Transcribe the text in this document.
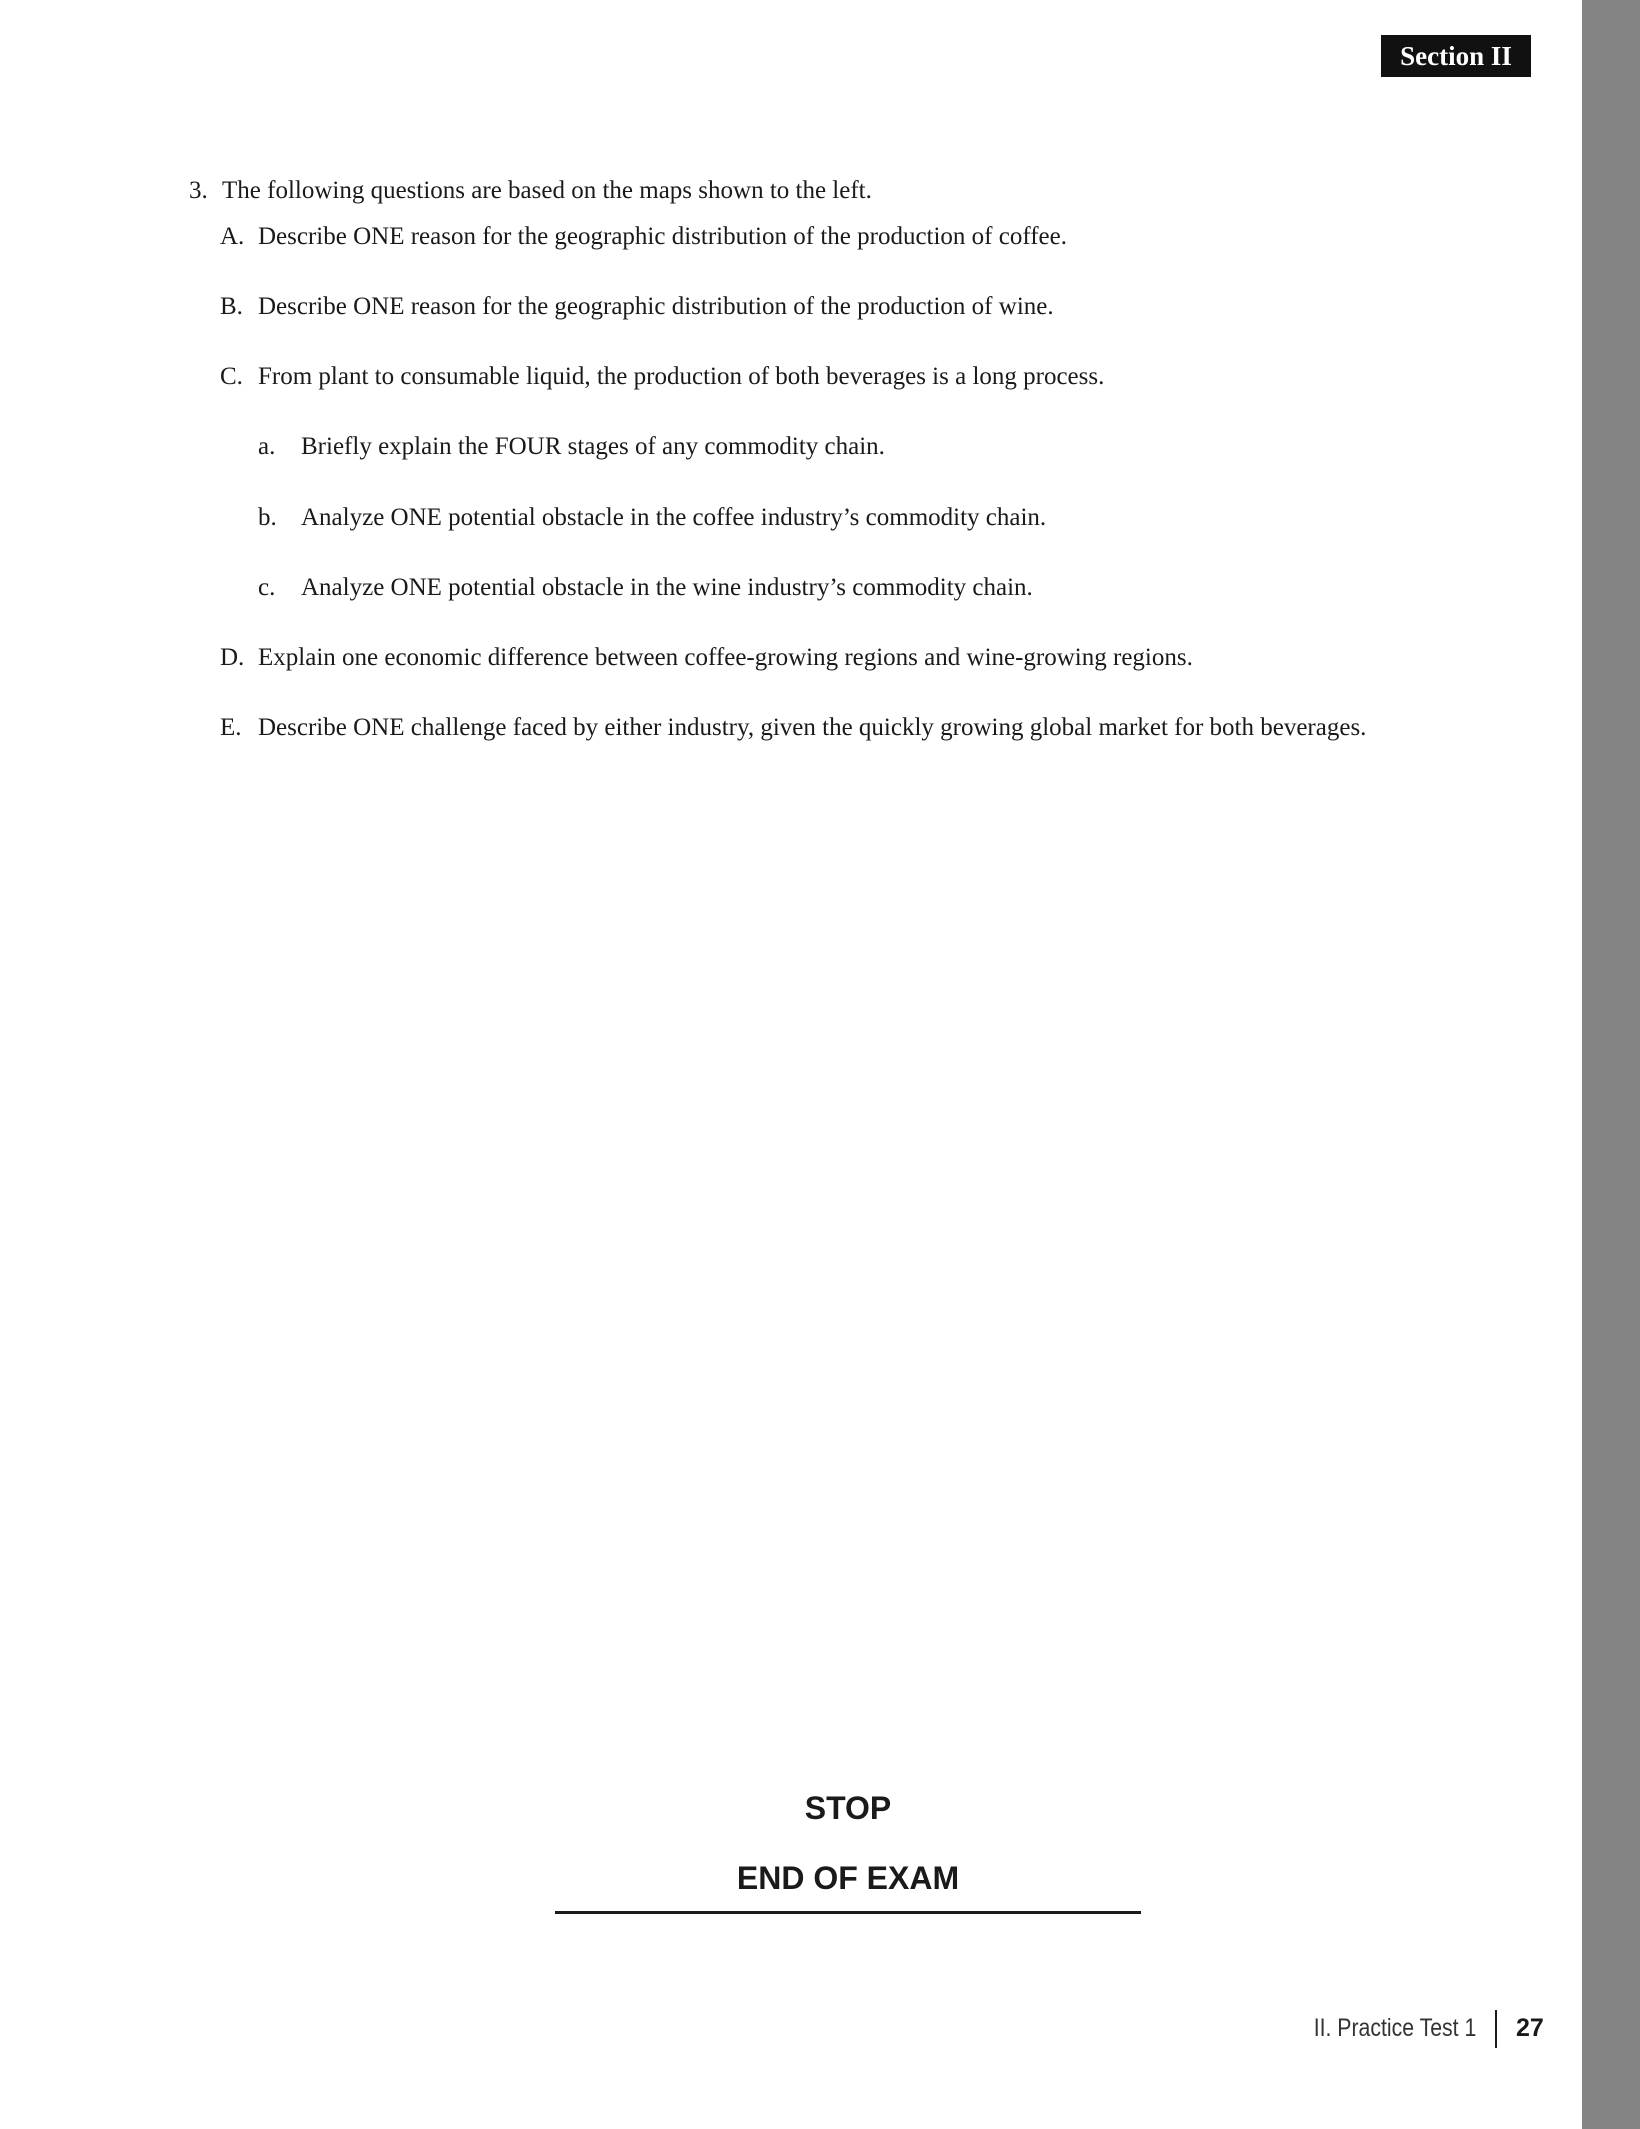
Section II
3. The following questions are based on the maps shown to the left.
A. Describe ONE reason for the geographic distribution of the production of coffee.
B. Describe ONE reason for the geographic distribution of the production of wine.
C. From plant to consumable liquid, the production of both beverages is a long process.
a. Briefly explain the FOUR stages of any commodity chain.
b. Analyze ONE potential obstacle in the coffee industry’s commodity chain.
c. Analyze ONE potential obstacle in the wine industry’s commodity chain.
D. Explain one economic difference between coffee-growing regions and wine-growing regions.
E. Describe ONE challenge faced by either industry, given the quickly growing global market for both beverages.
STOP
END OF EXAM
II. Practice Test 1 27
